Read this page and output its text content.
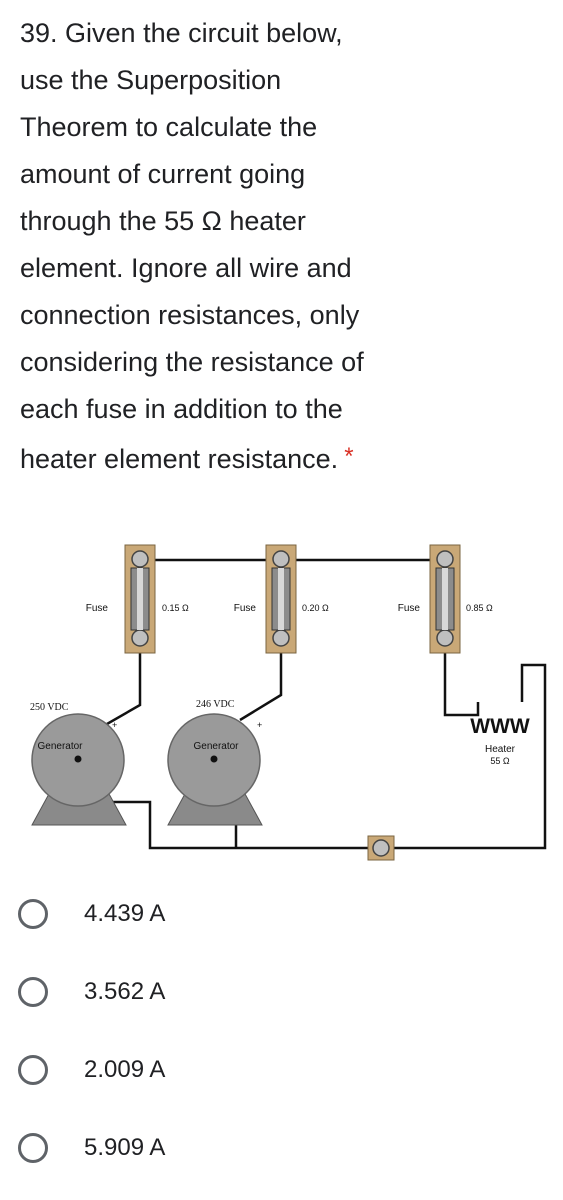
39. Given the circuit below,
use the Superposition
Theorem to calculate the
amount of current going
through the 55 Ω heater
element. Ignore all wire and
connection resistances, only
considering the resistance of
each fuse in addition to the
heater element resistance. *
Fuse	0.15 Ω	Fuse	0.20 Ω	Fuse	0.85 Ω
250 VDC
Generator
+
246 VDC
Generator
+	WWW
Heater
55 Ω
4.439 A
3.562 A
2.009 A
5.909 A
